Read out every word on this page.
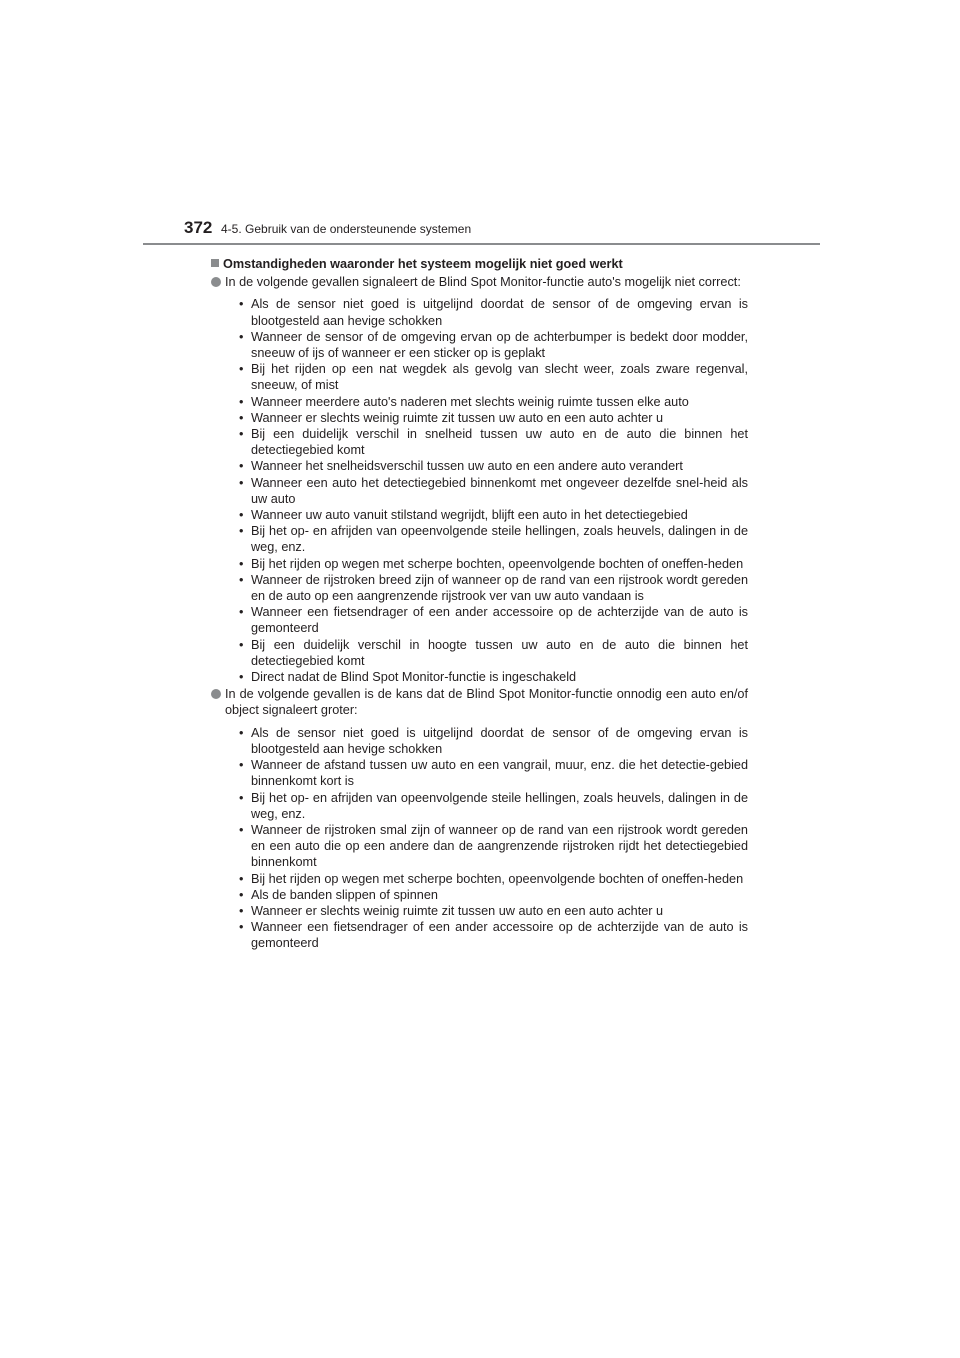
372 4-5. Gebruik van de ondersteunende systemen
Omstandigheden waaronder het systeem mogelijk niet goed werkt
In de volgende gevallen signaleert de Blind Spot Monitor-functie auto's mogelijk niet correct:
• Als de sensor niet goed is uitgelijnd doordat de sensor of de omgeving ervan is blootgesteld aan hevige schokken
• Wanneer de sensor of de omgeving ervan op de achterbumper is bedekt door modder, sneeuw of ijs of wanneer er een sticker op is geplakt
• Bij het rijden op een nat wegdek als gevolg van slecht weer, zoals zware regenval, sneeuw, of mist
• Wanneer meerdere auto's naderen met slechts weinig ruimte tussen elke auto
• Wanneer er slechts weinig ruimte zit tussen uw auto en een auto achter u
• Bij een duidelijk verschil in snelheid tussen uw auto en de auto die binnen het detectiegebied komt
• Wanneer het snelheidsverschil tussen uw auto en een andere auto verandert
• Wanneer een auto het detectiegebied binnenkomt met ongeveer dezelfde snel-heid als uw auto
• Wanneer uw auto vanuit stilstand wegrijdt, blijft een auto in het detectiegebied
• Bij het op- en afrijden van opeenvolgende steile hellingen, zoals heuvels, dalingen in de weg, enz.
• Bij het rijden op wegen met scherpe bochten, opeenvolgende bochten of oneffen-heden
• Wanneer de rijstroken breed zijn of wanneer op de rand van een rijstrook wordt gereden en de auto op een aangrenzende rijstrook ver van uw auto vandaan is
• Wanneer een fietsendrager of een ander accessoire op de achterzijde van de auto is gemonteerd
• Bij een duidelijk verschil in hoogte tussen uw auto en de auto die binnen het detectiegebied komt
• Direct nadat de Blind Spot Monitor-functie is ingeschakeld
In de volgende gevallen is de kans dat de Blind Spot Monitor-functie onnodig een auto en/of object signaleert groter:
• Als de sensor niet goed is uitgelijnd doordat de sensor of de omgeving ervan is blootgesteld aan hevige schokken
• Wanneer de afstand tussen uw auto en een vangrail, muur, enz. die het detectie-gebied binnenkomt kort is
• Bij het op- en afrijden van opeenvolgende steile hellingen, zoals heuvels, dalingen in de weg, enz.
• Wanneer de rijstroken smal zijn of wanneer op de rand van een rijstrook wordt gereden en een auto die op een andere dan de aangrenzende rijstroken rijdt het detectiegebied binnenkomt
• Bij het rijden op wegen met scherpe bochten, opeenvolgende bochten of oneffen-heden
• Als de banden slippen of spinnen
• Wanneer er slechts weinig ruimte zit tussen uw auto en een auto achter u
• Wanneer een fietsendrager of een ander accessoire op de achterzijde van de auto is gemonteerd
